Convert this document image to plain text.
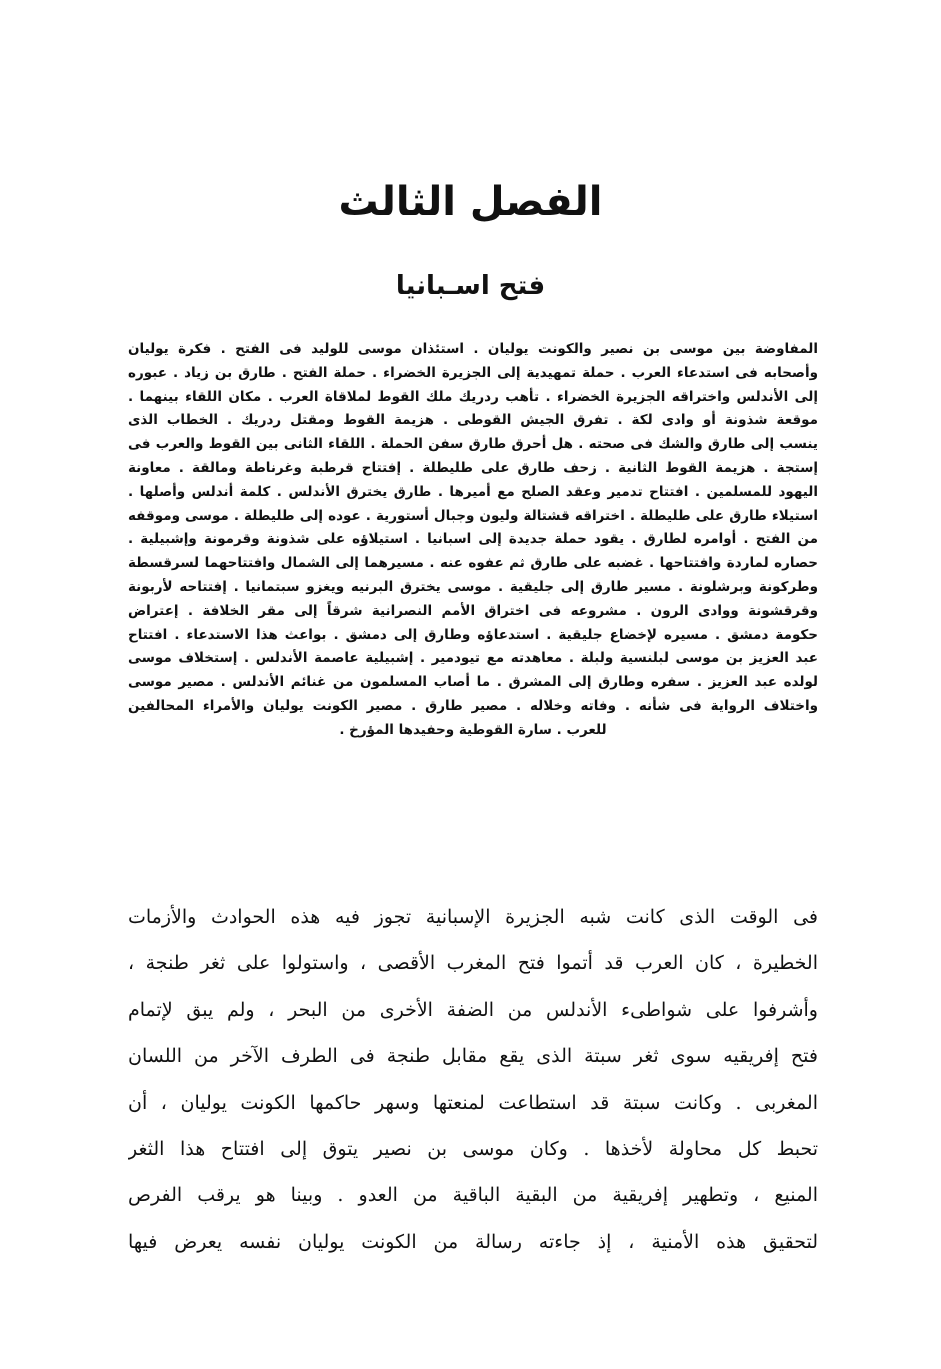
الفصل الثالث
فتح اسـبانيا
المفاوضة بين موسى بن نصير والكونت يوليان . استئذان موسى للوليد فى الفتح . فكرة يوليان
وأصحابه فى استدعاء العرب . حملة تمهيدية إلى الجزيرة الخضراء . حملة الفتح . طارق بن زياد . عبوره
إلى الأندلس واختراقه الجزيرة الخضراء . تأهب ردريك ملك القوط لملاقاة العرب . مكان اللقاء بينهما .
موقعة شذونة أو وادى لكة . تفرق الجيش القوطى . هزيمة القوط ومقتل ردريك . الخطاب الذى
ينسب إلى طارق والشك فى صحته . هل أحرق طارق سفن الحملة . اللقاء الثانى بين القوط والعرب فى
إستجة . هزيمة القوط الثانية . زحف طارق على طليطلة . إفتتاح قرطبة وغرناطة ومالقة . معاونة
اليهود للمسلمين . افتتاح تدمير وعقد الصلح مع أميرها . طارق يخترق الأندلس . كلمة أندلس وأصلها .
استيلاء طارق على طليطلة . اختراقه قشتالة وليون وجبال أستورية . عوده إلى طليطلة . موسى وموقفه
من الفتح . أوامره لطارق . يقود حملة جديدة إلى اسبانيا . استيلاؤه على شذونة وقرمونة وإشبيلية .
حصاره لماردة وافتتاحها . غضبه على طارق ثم عفوه عنه . مسيرهما إلى الشمال وافتتاحهما لسرقسطة
وطركونة وبرشلونة . مسير طارق إلى جليقية . موسى يخترق البرنيه ويغزو سبتمانيا . إفتتاحه لأربونة
وقرقشونة ووادى الرون . مشروعه فى اختراق الأمم النصرانية شرقاً إلى مقر الخلافة . إعتراض
حكومة دمشق . مسيره لإخضاع جليقية . استدعاؤه وطارق إلى دمشق . بواعث هذا الاستدعاء . افتتاح
عبد العزيز بن موسى لبلنسية ولبلة . معاهدته مع تيودمير . إشبيلية عاصمة الأندلس . إستخلاف موسى
لولده عبد العزيز . سفره وطارق إلى المشرق . ما أصاب المسلمون من غنائم الأندلس . مصير موسى
واختلاف الرواية فى شأنه . وفاته وخلاله . مصير طارق . مصير الكونت يوليان والأمراء المحالفين
للعرب . سارة القوطية وحفيدها المؤرخ .
فى الوقت الذى كانت شبه الجزيرة الإسبانية تجوز فيه هذه الحوادث والأزمات
الخطيرة ، كان العرب قد أتموا فتح المغرب الأقصى ، واستولوا على ثغر طنجة ،
وأشرفوا على شواطىء الأندلس من الضفة الأخرى من البحر ، ولم يبق لإتمام
فتح إفريقيه سوى ثغر سبتة الذى يقع مقابل طنجة فى الطرف الآخر من اللسان
المغربى . وكانت سبتة قد استطاعت لمنعتها وسهر حاكمها الكونت يوليان ، أن
تحبط كل محاولة لأخذها . وكان موسى بن نصير يتوق إلى افتتاح هذا الثغر
المنيع ، وتطهير إفريقية من البقية الباقية من العدو . وبينا هو يرقب الفرص
لتحقيق هذه الأمنية ، إذ جاءته رسالة من الكونت يوليان نفسه يعرض فيها
